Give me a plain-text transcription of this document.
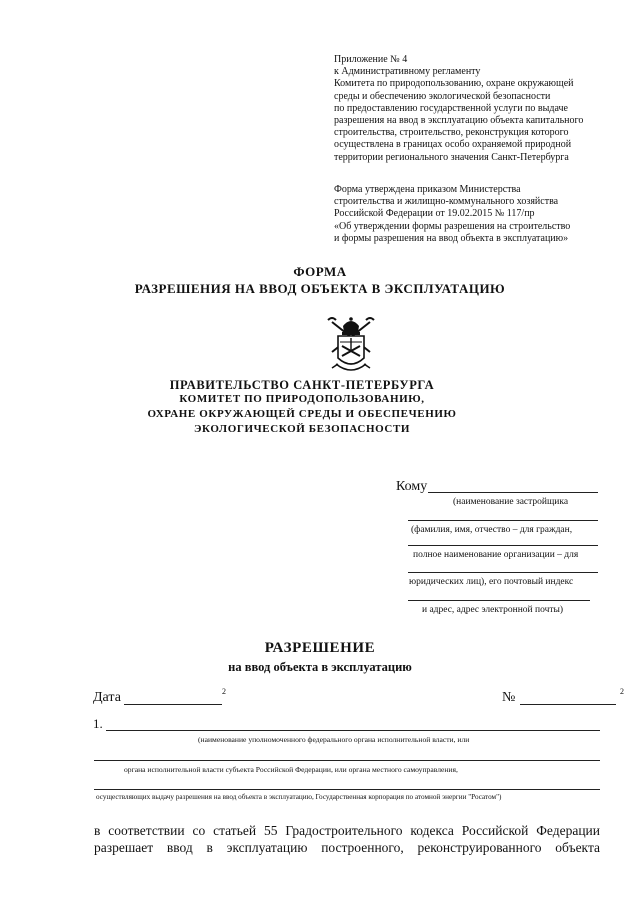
Приложение № 4

к Административному регламенту

Комитета по природопользованию, охране окружающей

среды и обеспечению экологической безопасности

по предоставлению государственной услуги по выдаче

разрешения на ввод в эксплуатацию объекта капитального

строительства, строительство, реконструкция которого

осуществлена в границах особо охраняемой природной

территории регионального значения Санкт-Петербурга

Форма утверждена приказом Министерства

строительства и жилищно-коммунального хозяйства

Российской Федерации от 19.02.2015 № 117/пр

«Об утверждении формы разрешения на строительство

и формы разрешения на ввод объекта в эксплуатацию»

ФОРМА
РАЗРЕШЕНИЯ НА ВВОД ОБЪЕКТА В ЭКСПЛУАТАЦИЮ
ПРАВИТЕЛЬСТВО САНКТ-ПЕТЕРБУРГА
КОМИТЕТ ПО ПРИРОДОПОЛЬЗОВАНИЮ,
ОХРАНЕ ОКРУЖАЮЩЕЙ СРЕДЫ И ОБЕСПЕЧЕНИЮ
ЭКОЛОГИЧЕСКОЙ БЕЗОПАСНОСТИ
Кому
(наименование застройщика
(фамилия, имя, отчество – для граждан,
полное наименование организации – для
юридических лиц), его почтовый индекс
и адрес, адрес электронной почты)
РАЗРЕШЕНИЕ
на ввод объекта в эксплуатацию
Дата	2	№	2
1.
(наименование уполномоченного федерального органа исполнительной власти, или
органа исполнительной власти субъекта Российской Федерации, или органа местного самоуправления,
осуществляющих выдачу разрешения на ввод объекта в эксплуатацию, Государственная корпорация по атомной энергии "Росатом")
в соответствии со статьей 55 Градостроительного кодекса Российской Федерации
разрешает ввод в эксплуатацию построенного, реконструированного объекта
